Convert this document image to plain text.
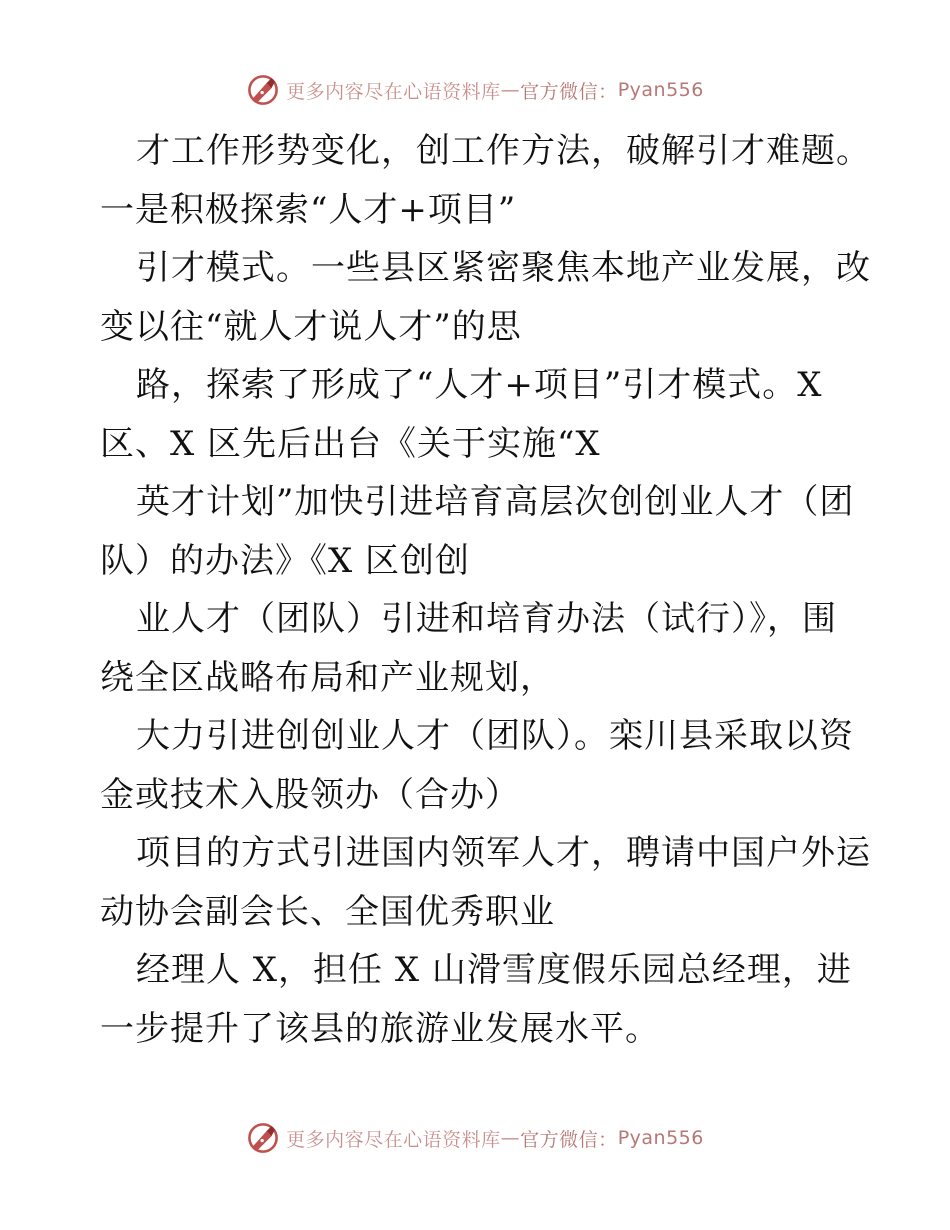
更多内容尽在心语资料库 — 官方微信： Pyan556

才工作形势变化，创工作方法，破解引才难题。
一是积极探索“人才+项目”

引才模式。一些县区紧密聚焦本地产业发展，改
变以往“就人才说人才”的思

路，探索了形成了“人才+项目”引才模式。X
区、X 区先后出台《关于实施“X

英才计划”加快引进培育高层次创创业人才（团
队）的办法》《X 区创创

业人才（团队）引进和培育办法（试行）》，围
绕全区战略布局和产业规划，

大力引进创创业人才（团队）。栾川县采取以资
金或技术入股领办（合办）

项目的方式引进国内领军人才，聘请中国户外运
动协会副会长、全国优秀职业

经理人 X，担任 X 山滑雪度假乐园总经理，进
一步提升了该县的旅游业发展水平。

更多内容尽在心语资料库 — 官方微信： Pyan556
